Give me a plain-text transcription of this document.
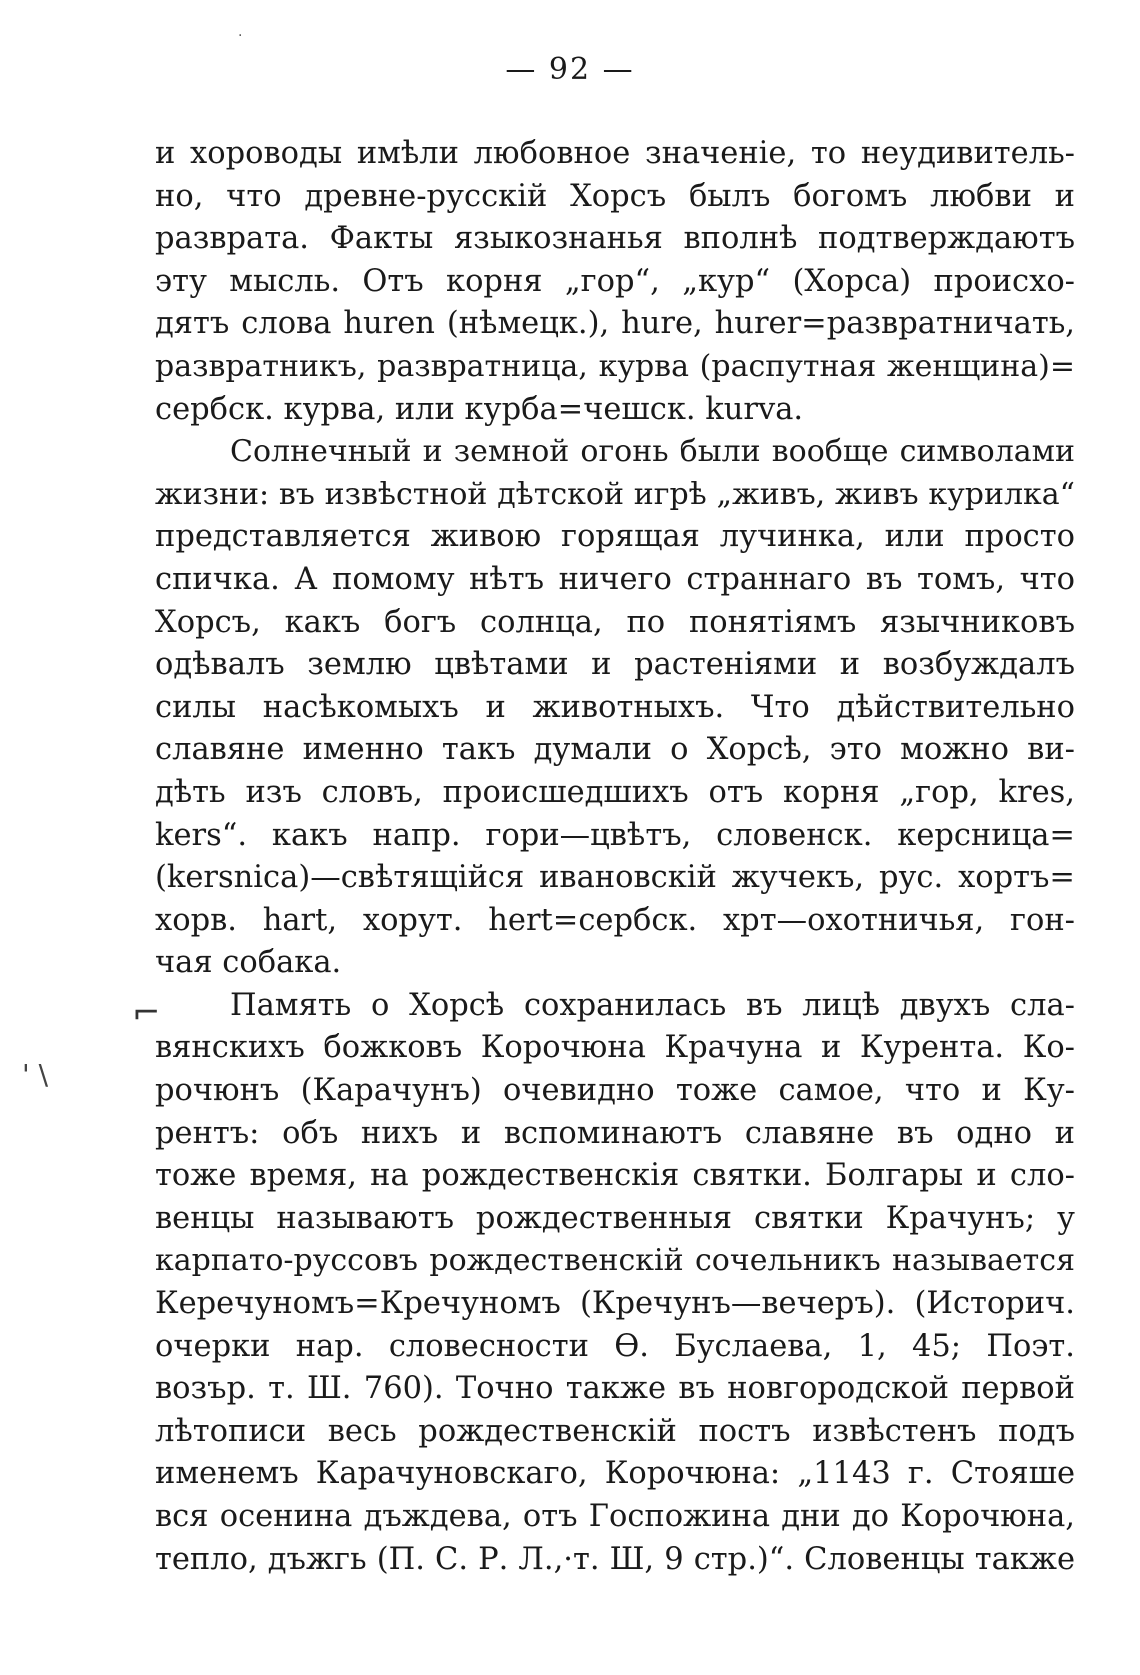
— 92 —
·
⌐
' \
и хороводы имѣли любовное значенiе, то неудивитель-
но, что древне-русскiй Хорсъ былъ богомъ любви и
разврата. Факты языкознанья вполнѣ подтверждаютъ
эту мысль. Отъ корня „гор“, „кур“ (Хорса) происхо-
дятъ слова huren (нѣмецк.), hure, hurer=развратничать,
развратникъ, развратница, курва (распутная женщина)=
сербск. курва, или курба=чешск. kurva.
Солнечный и земной огонь были вообще символами
жизни: въ извѣстной дѣтской игрѣ „живъ, живъ курилка“
представляется живою горящая лучинка, или просто
спичка. А помому нѣтъ ничего страннаго въ томъ, что
Хорсъ, какъ богъ солнца, по понятiямъ язычниковъ
одѣвалъ землю цвѣтами и растенiями и возбуждалъ
силы насѣкомыхъ и животныхъ. Что дѣйствительно
славяне именно такъ думали о Хорсѣ, это можно ви-
дѣть изъ словъ, происшедшихъ отъ корня „гор, kres,
kers“. какъ напр. гори—цвѣтъ, словенск. керсница=
(kersnica)—свѣтящiйся ивановскiй жучекъ, рус. хортъ=
хорв. hart, хорут. hert=сербск. хрт—охотничья, гон-
чая собака.
Память о Хорсѣ сохранилась въ лицѣ двухъ сла-
вянскихъ божковъ Корочюна Крачуна и Курента. Ко-
рочюнъ (Карачунъ) очевидно тоже самое, что и Ку-
рентъ: объ нихъ и вспоминаютъ славяне въ одно и
тоже время, на рождественскiя святки. Болгары и сло-
венцы называютъ рождественныя святки Крачунъ; у
карпато-руссовъ рождественскiй сочельникъ называется
Керечуномъ=Кречуномъ (Кречунъ—вечеръ). (Историч.
очерки нар. словесности Ѳ. Буслаева, 1, 45; Поэт.
возър. т. Ш. 760). Точно также въ новгородской первой
лѣтописи весь рождественскiй постъ извѣстенъ подъ
именемъ Карачуновскаго, Корочюна: „1143 г. Стояше
вся осенина дъждева, отъ Госпожина дни до Корочюна,
тепло, дъжгь (П. С. Р. Л.,·т. Ш, 9 стр.)“. Словенцы также
